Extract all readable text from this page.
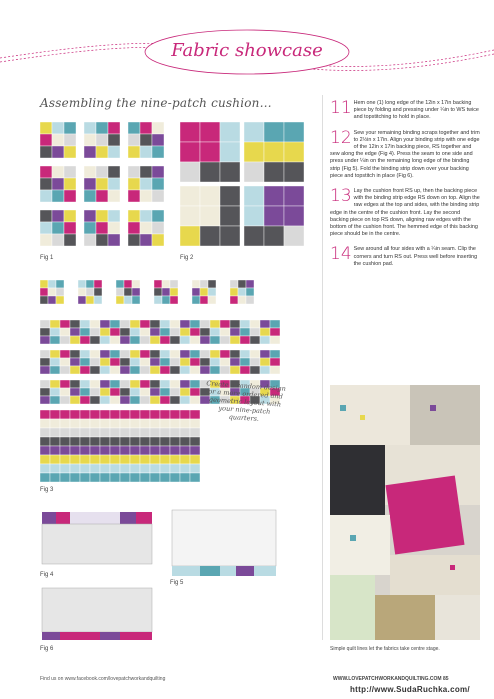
Fabric showcase
Assembling the nine-patch cushion…
Fig 1	Fig 2
Fig 3
Create a random design or a more ordered and geometric layout with your nine-patch quarters.
Fig 4
Fig 5
Fig 6
11 Hem one (1) long edge of the 12in x 17in backing piece by folding and pressing under ¼in to WS twice and topstitching to hold in place.
12 Sew your remaining binding scraps together and trim to 2½in x 17in. Align your binding strip with one edge of the 12in x 17in backing piece, RS together and sew along the edge (Fig 4). Press the seam to one side and press under ¼in on the remaining long edge of the binding strip (Fig 5). Fold the binding strip down over your backing piece and topstitch in place (Fig 6).
13 Lay the cushion front RS up, then the backing piece with the binding strip edge RS down on top. Align the raw edges at the top and sides, with the binding strip edge in the centre of the cushion front. Lay the second backing piece on top RS down, aligning raw edges with the bottom of the cushion front. The hemmed edge of this backing piece should be in the centre.
14 Sew around all four sides with a ¼in seam. Clip the corners and turn RS out. Press well before inserting the cushion pad.
Simple quilt lines let the fabrics take centre stage.
Find us on www.facebook.com/lovepatchworkandquilting	WWW.LOVEPATCHWORKANDQUILTING.COM 85
http://www.SudaRuchka.com/
